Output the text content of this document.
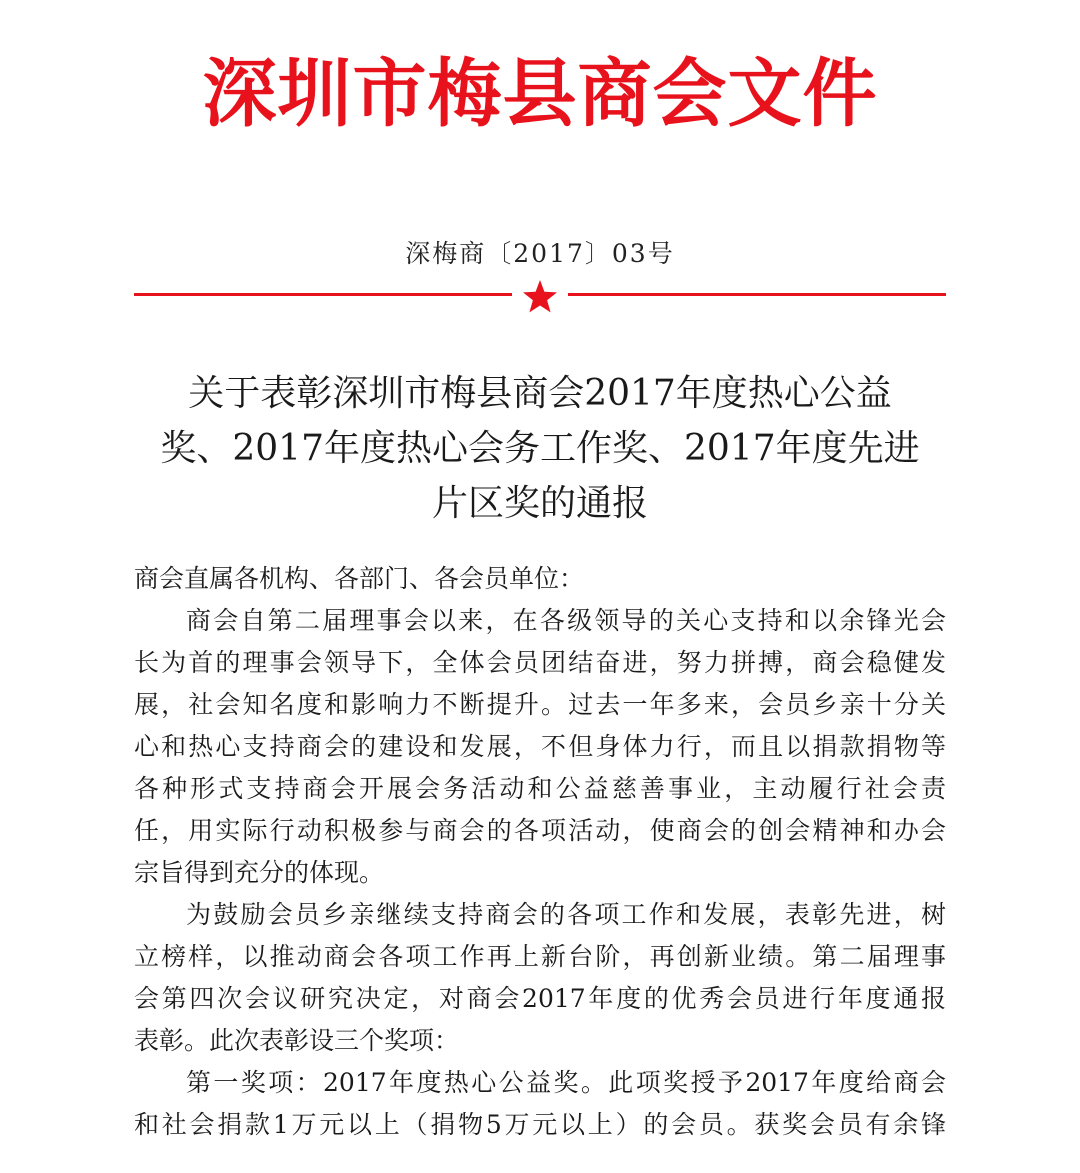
深圳市梅县商会文件
深梅商〔2017〕03号
关于表彰深圳市梅县商会2017年度热心公益
奖、2017年度热心会务工作奖、2017年度先进
片区奖的通报
商会直属各机构、各部门、各会员单位：
商会自第二届理事会以来，在各级领导的关心支持和以余锋光会
长为首的理事会领导下，全体会员团结奋进，努力拼搏，商会稳健发
展，社会知名度和影响力不断提升。过去一年多来，会员乡亲十分关
心和热心支持商会的建设和发展，不但身体力行，而且以捐款捐物等
各种形式支持商会开展会务活动和公益慈善事业，主动履行社会责
任，用实际行动积极参与商会的各项活动，使商会的创会精神和办会
宗旨得到充分的体现。
为鼓励会员乡亲继续支持商会的各项工作和发展，表彰先进，树
立榜样，以推动商会各项工作再上新台阶，再创新业绩。第二届理事
会第四次会议研究决定，对商会2017年度的优秀会员进行年度通报
表彰。此次表彰设三个奖项：
第一奖项：2017年度热心公益奖。此项奖授予2017年度给商会
和社会捐款1万元以上（捐物5万元以上）的会员。获奖会员有余锋
